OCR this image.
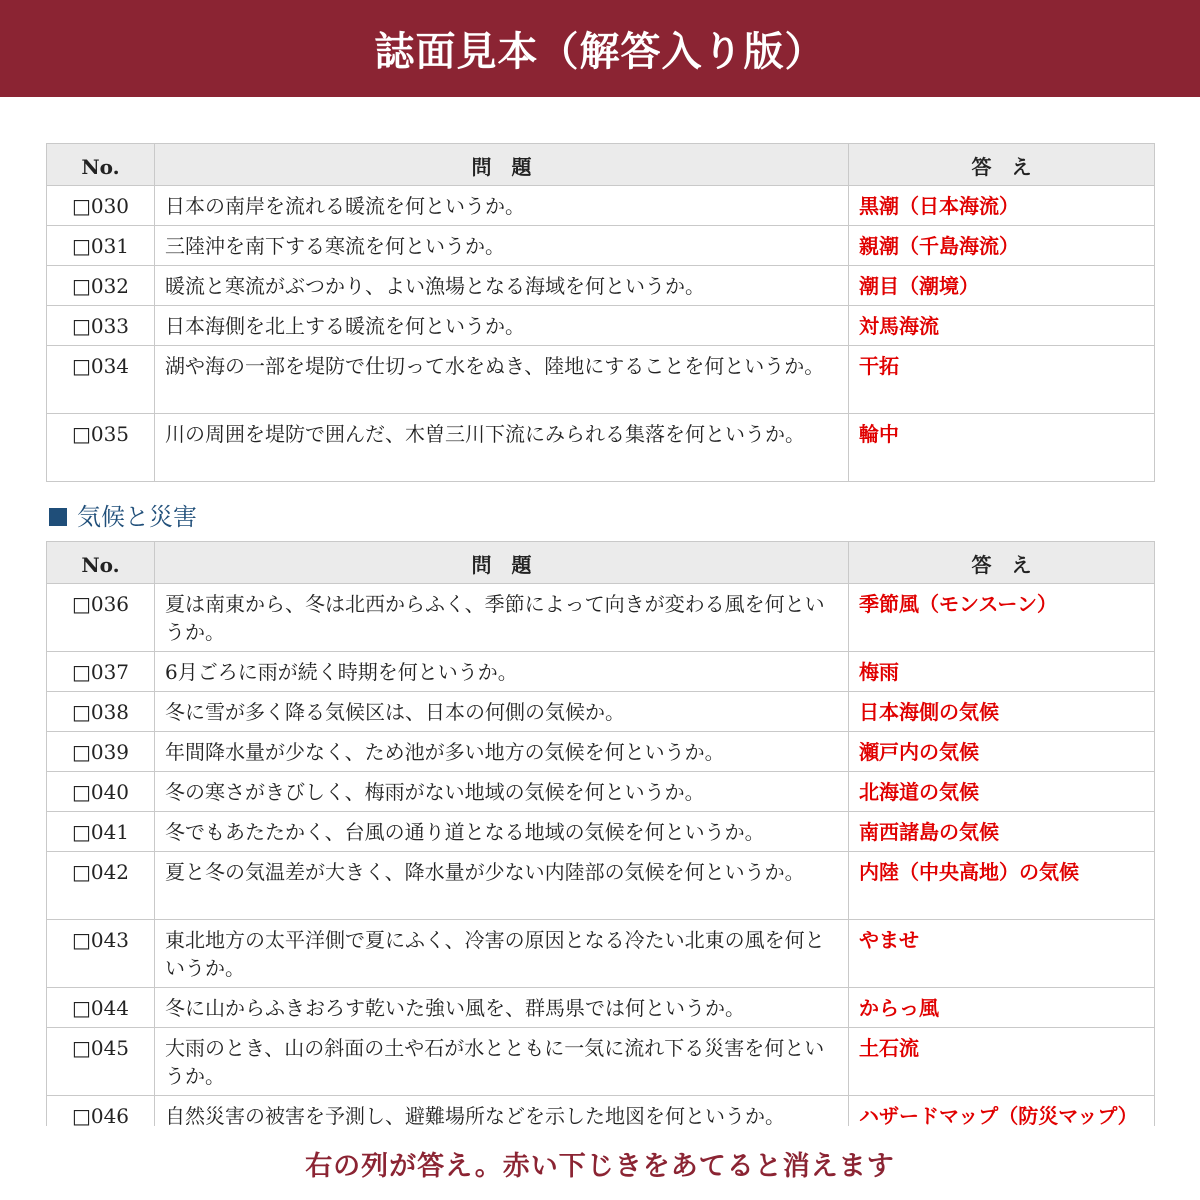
誌面見本（解答入り版）
No.	問　題	答　え
□030	日本の南岸を流れる暖流を何というか。	黒潮（日本海流）
□031	三陸沖を南下する寒流を何というか。	親潮（千島海流）
□032	暖流と寒流がぶつかり、よい漁場となる海域を何というか。	潮目（潮境）
□033	日本海側を北上する暖流を何というか。	対馬海流
□034	湖や海の一部を堤防で仕切って水をぬき、陸地にすることを何というか。	干拓
□035	川の周囲を堤防で囲んだ、木曽三川下流にみられる集落を何というか。	輪中
気候と災害
No.	問　題	答　え
□036	夏は南東から、冬は北西からふく、季節によって向きが変わる風を何というか。	季節風（モンスーン）
□037	6月ごろに雨が続く時期を何というか。	梅雨
□038	冬に雪が多く降る気候区は、日本の何側の気候か。	日本海側の気候
□039	年間降水量が少なく、ため池が多い地方の気候を何というか。	瀬戸内の気候
□040	冬の寒さがきびしく、梅雨がない地域の気候を何というか。	北海道の気候
□041	冬でもあたたかく、台風の通り道となる地域の気候を何というか。	南西諸島の気候
□042	夏と冬の気温差が大きく、降水量が少ない内陸部の気候を何というか。	内陸（中央高地）の気候
□043	東北地方の太平洋側で夏にふく、冷害の原因となる冷たい北東の風を何というか。	やませ
□044	冬に山からふきおろす乾いた強い風を、群馬県では何というか。	からっ風
□045	大雨のとき、山の斜面の土や石が水とともに一気に流れ下る災害を何というか。	土石流
□046	自然災害の被害を予測し、避難場所などを示した地図を何というか。	ハザードマップ（防災マップ）
右の列が答え。赤い下じきをあてると消えます
